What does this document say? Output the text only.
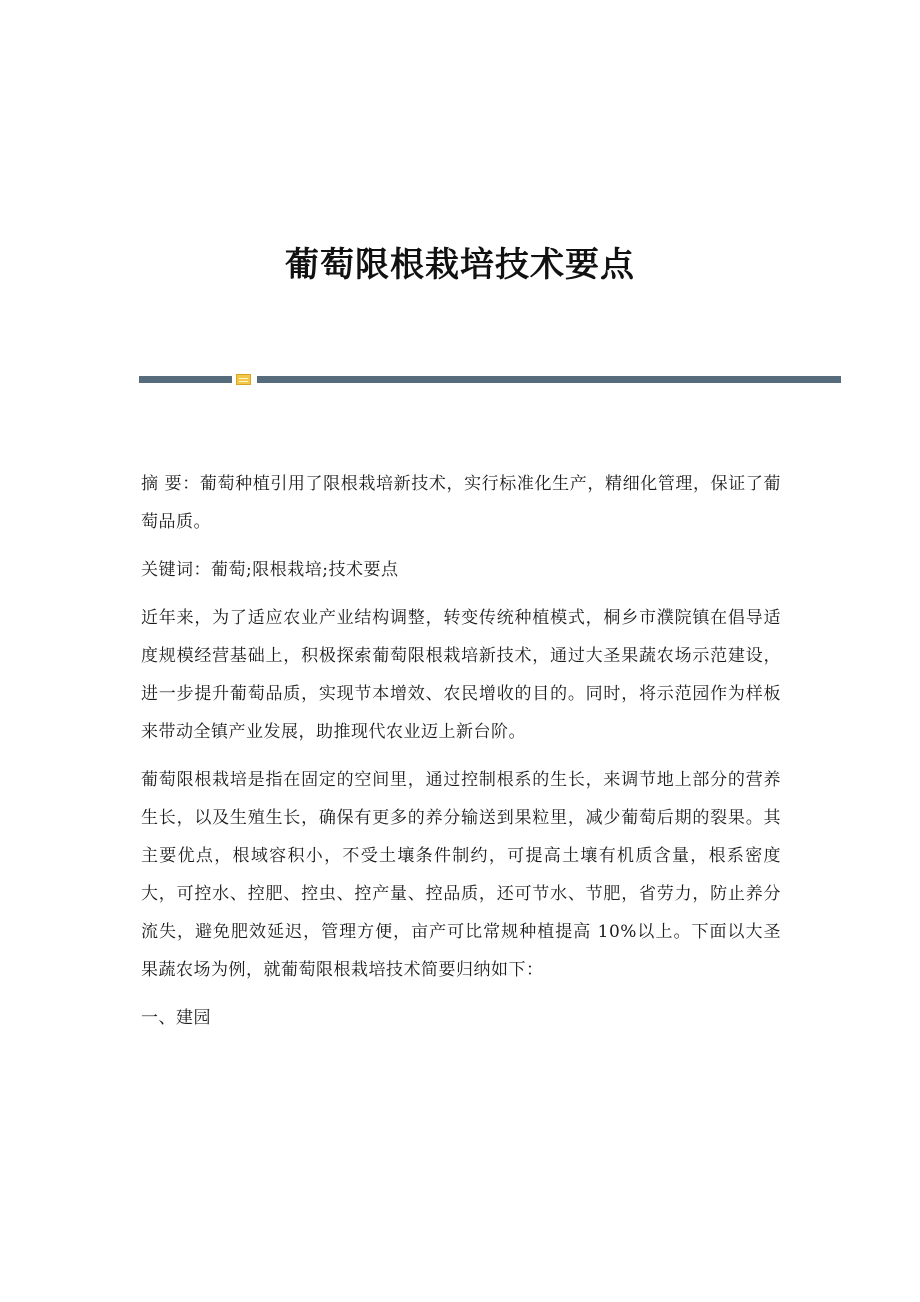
葡萄限根栽培技术要点

摘 要：葡萄种植引用了限根栽培新技术，实行标准化生产，精细化管理，保证了葡萄品质。

关键词：葡萄;限根栽培;技术要点

近年来，为了适应农业产业结构调整，转变传统种植模式，桐乡市濮院镇在倡导适度规模经营基础上，积极探索葡萄限根栽培新技术，通过大圣果蔬农场示范建设，进一步提升葡萄品质，实现节本增效、农民增收的目的。同时，将示范园作为样板来带动全镇产业发展，助推现代农业迈上新台阶。

葡萄限根栽培是指在固定的空间里，通过控制根系的生长，来调节地上部分的营养生长，以及生殖生长，确保有更多的养分输送到果粒里，减少葡萄后期的裂果。其主要优点，根域容积小，不受土壤条件制约，可提高土壤有机质含量，根系密度大，可控水、控肥、控虫、控产量、控品质，还可节水、节肥，省劳力，防止养分流失，避免肥效延迟，管理方便，亩产可比常规种植提高 10%以上。下面以大圣果蔬农场为例，就葡萄限根栽培技术简要归纳如下：

一、建园
